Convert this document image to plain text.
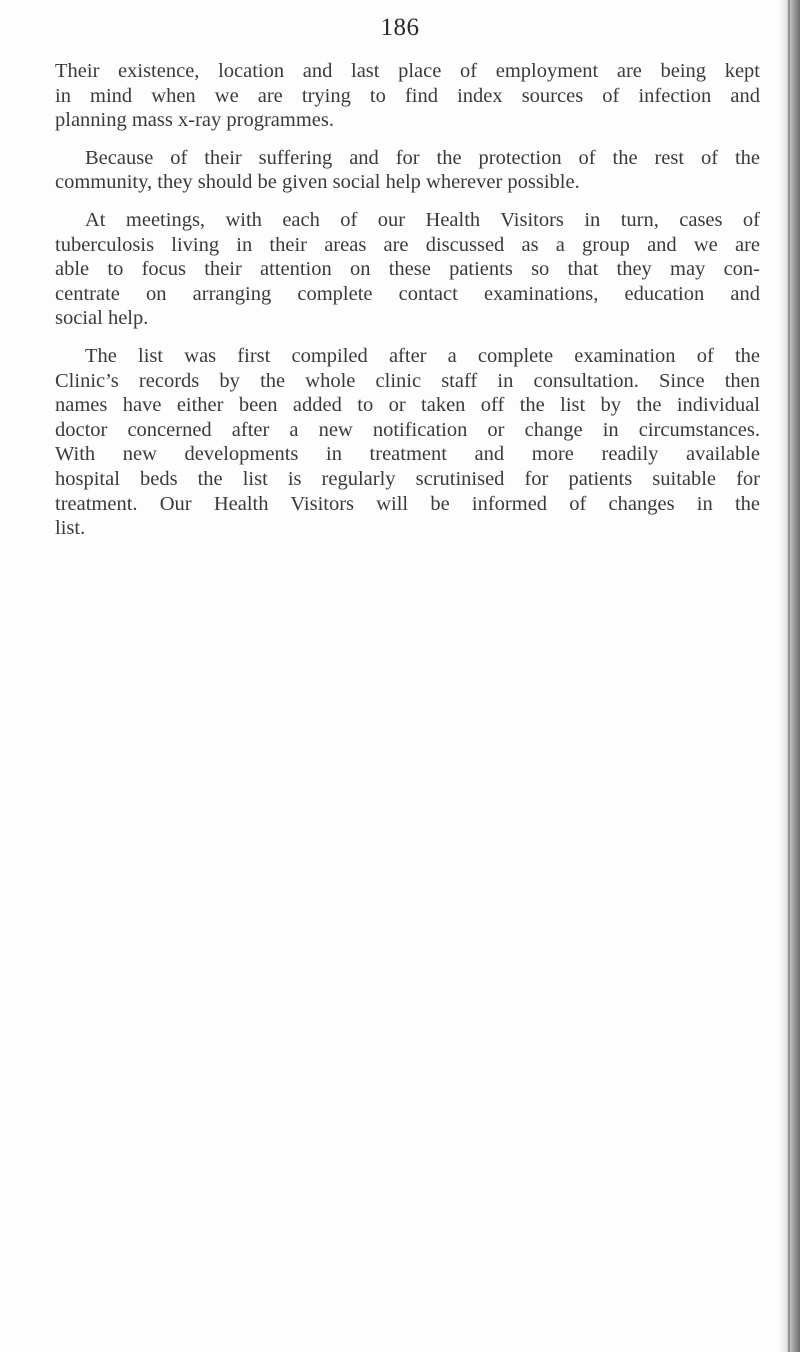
186

Their existence, location and last place of employment are being kept
in mind when we are trying to find index sources of infection and
planning mass x-ray programmes.

Because of their suffering and for the protection of the rest of the
community, they should be given social help wherever possible.

At meetings, with each of our Health Visitors in turn, cases of
tuberculosis living in their areas are discussed as a group and we are
able to focus their attention on these patients so that they may con-
centrate on arranging complete contact examinations, education and
social help.

The list was first compiled after a complete examination of the
Clinic’s records by the whole clinic staff in consultation. Since then
names have either been added to or taken off the list by the individual
doctor concerned after a new notification or change in circumstances.
With new developments in treatment and more readily available
hospital beds the list is regularly scrutinised for patients suitable for
treatment. Our Health Visitors will be informed of changes in the
list.
